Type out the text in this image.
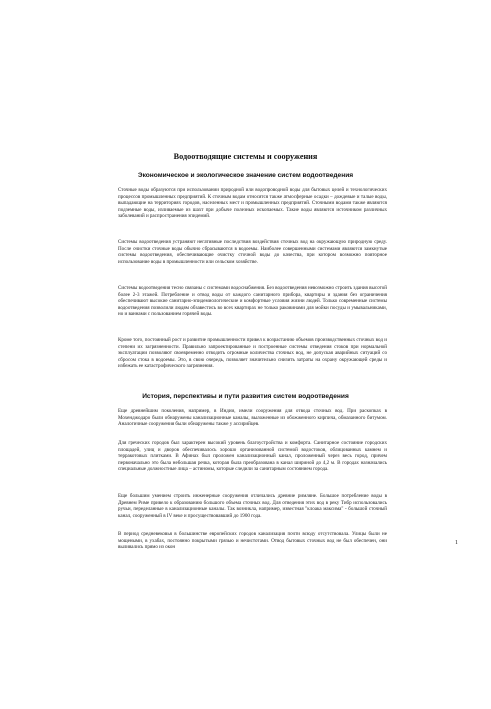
Водоотводящие системы и сооружения
Экономическое и экологическое значение систем водоотведения

Сточные воды образуются при использовании природной или водопроводной воды для бытовых целей и технологических процессов промышленных предприятий. К сточным водам относятся также атмосферные осадки – дождевые и талые воды, выпадающие на территориях городов, населенных мест и промышленных предприятий. Сточными водами также являются подземные воды, изливаемые из шахт при добыче полезных ископаемых. Такие воды являются источником различных заболеваний и распространения эпидемий.

Системы водоотведения устраняют негативные последствия воздействия сточных вод на окружающую природную среду. После очистки сточные воды обычно сбрасываются в водоемы. Наиболее совершенными системами являются замкнутые системы водоотведения, обеспечивающие очистку сточной воды до качества, при котором возможно повторное использование воды в промышленности или сельском хозяйстве.

Системы водоотведения тесно связаны с системами водоснабжения. Без водоотведения невозможно строить здания высотой более 2-3 этажей. Потребление и отвод воды от каждого санитарного прибора, квартиры и здания без ограничения обеспечивают высокие санитарно-эпидемиологические и комфортные условия жизни людей. Только современные системы водоотведения позволили людям обзавестись во всех квартирах не только раковинами для мойки посуды и умывальниками, но и ваннами с пользованием горячей воды.

Кроме того, постоянный рост и развитие промышленности привел к возрастанию объемов производственных сточных вод и степени их загрязненности. Правильно запроектированные и построенные системы отведения стоков при нормальной эксплуатации позволяют своевременно отводить огромные количества сточных вод, не допуская аварийных ситуаций со сбросом стока в водоемы. Это, в свою очередь, позволяет значительно снизить затраты на охрану окружающей среды и избежать ее катастрофического загрязнения.

История, перспективы и пути развития систем водоотведения

Еще древнейшим поколения, например, в Индии, имели сооружения для отвода сточных вод. При раскопках в Мохенджодаро были обнаружены канализационные каналы, выложенные из обожженного кирпича, обмазанного битумом. Аналогичные сооружения были обнаружены также у ассирийцев.

Для греческих городов был характерен высокий уровень благоустройства и комфорта. Санитарное состояние городских площадей, улиц и дворов обеспечивалось хорошо организованной системой водостоков, облицованных камнем и терракотовых плитками. В Афинах был проложен канализационный канал, проложенный через весь город, причем первоначально это была небольшая речка, которая была преобразована в канал шириной до 4,2 м. В городах назначались специальные должностные лица – астиномы, которые следили за санитарным состоянием города.

Еще большим умением строить инженерные сооружения отличались древние римляне. Большое потребление воды в Древнем Риме привело к образованию большого объема сточных вод. Для отведения этих вод в реку Тибр использовались ручьи, переделанные в канализационные каналы. Так возникла, например, известная "клоака максима" - большой сточный канал, сооруженный в IV веке и просуществовавший до 1900 года.

В период средневековья в большинстве европейских городов канализация почти всюду отсутствовала. Улицы были не мощеными, в ухабах, постоянно покрытыми грязью и нечистотами. Отвод бытовых сточных вод не был обеспечен, они выливались прямо из окон

1
